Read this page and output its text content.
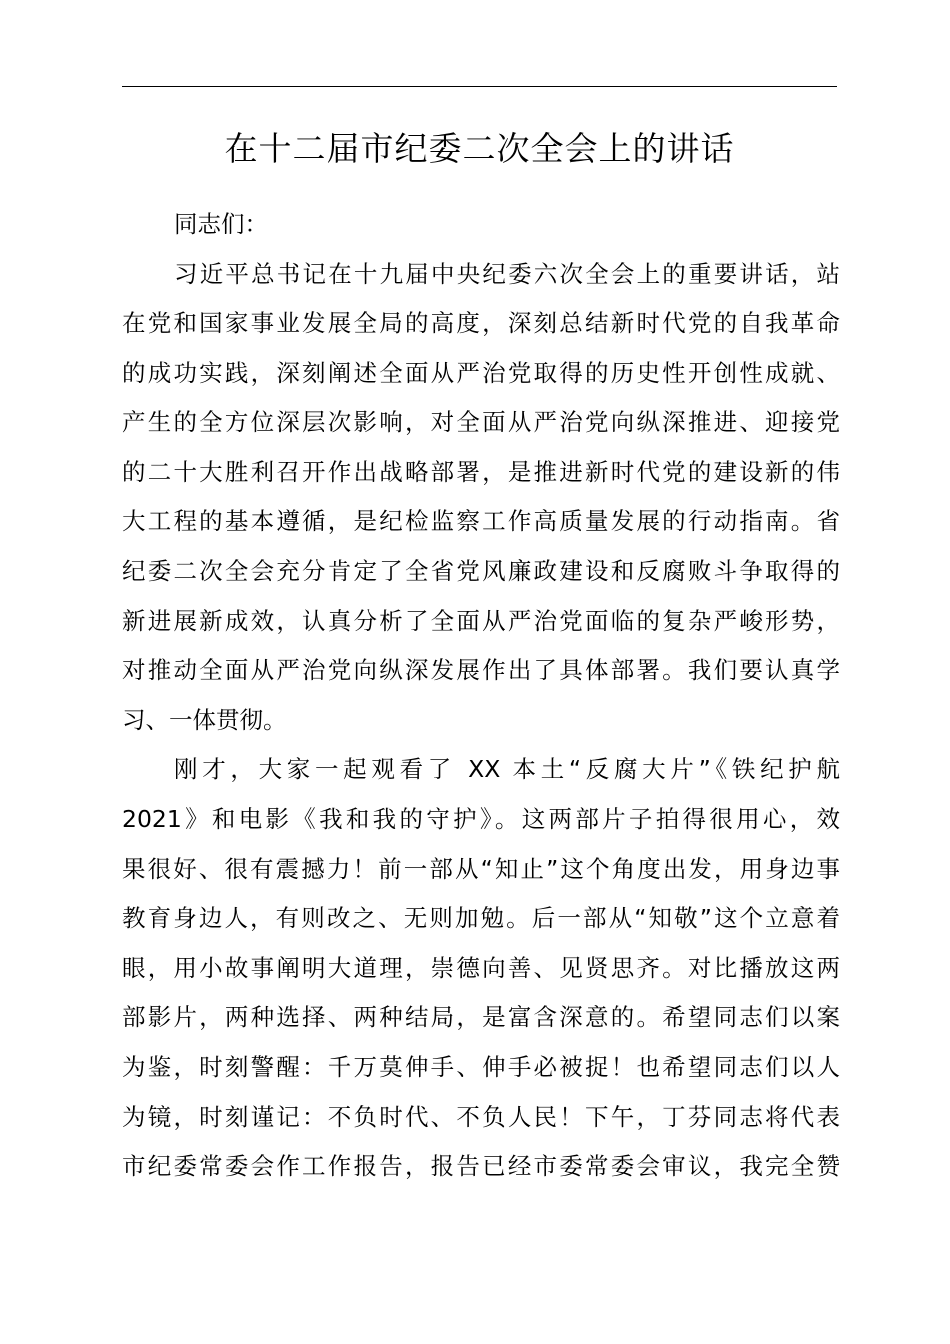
在十二届市纪委二次全会上的讲话

同志们：

习近平总书记在十九届中央纪委六次全会上的重要讲话，站
在党和国家事业发展全局的高度，深刻总结新时代党的自我革命
的成功实践，深刻阐述全面从严治党取得的历史性开创性成就、
产生的全方位深层次影响，对全面从严治党向纵深推进、迎接党
的二十大胜利召开作出战略部署，是推进新时代党的建设新的伟
大工程的基本遵循，是纪检监察工作高质量发展的行动指南。省
纪委二次全会充分肯定了全省党风廉政建设和反腐败斗争取得的
新进展新成效，认真分析了全面从严治党面临的复杂严峻形势，
对推动全面从严治党向纵深发展作出了具体部署。我们要认真学
习、一体贯彻。

刚才，大家一起观看了 XX 本土“反腐大片”《铁纪护航
2021》和电影《我和我的守护》。这两部片子拍得很用心，效
果很好、很有震撼力！前一部从“知止”这个角度出发，用身边事
教育身边人，有则改之、无则加勉。后一部从“知敬”这个立意着
眼，用小故事阐明大道理，崇德向善、见贤思齐。对比播放这两
部影片，两种选择、两种结局，是富含深意的。希望同志们以案
为鉴，时刻警醒：千万莫伸手、伸手必被捉！也希望同志们以人
为镜，时刻谨记：不负时代、不负人民！下午，丁芬同志将代表
市纪委常委会作工作报告，报告已经市委常委会审议，我完全赞
